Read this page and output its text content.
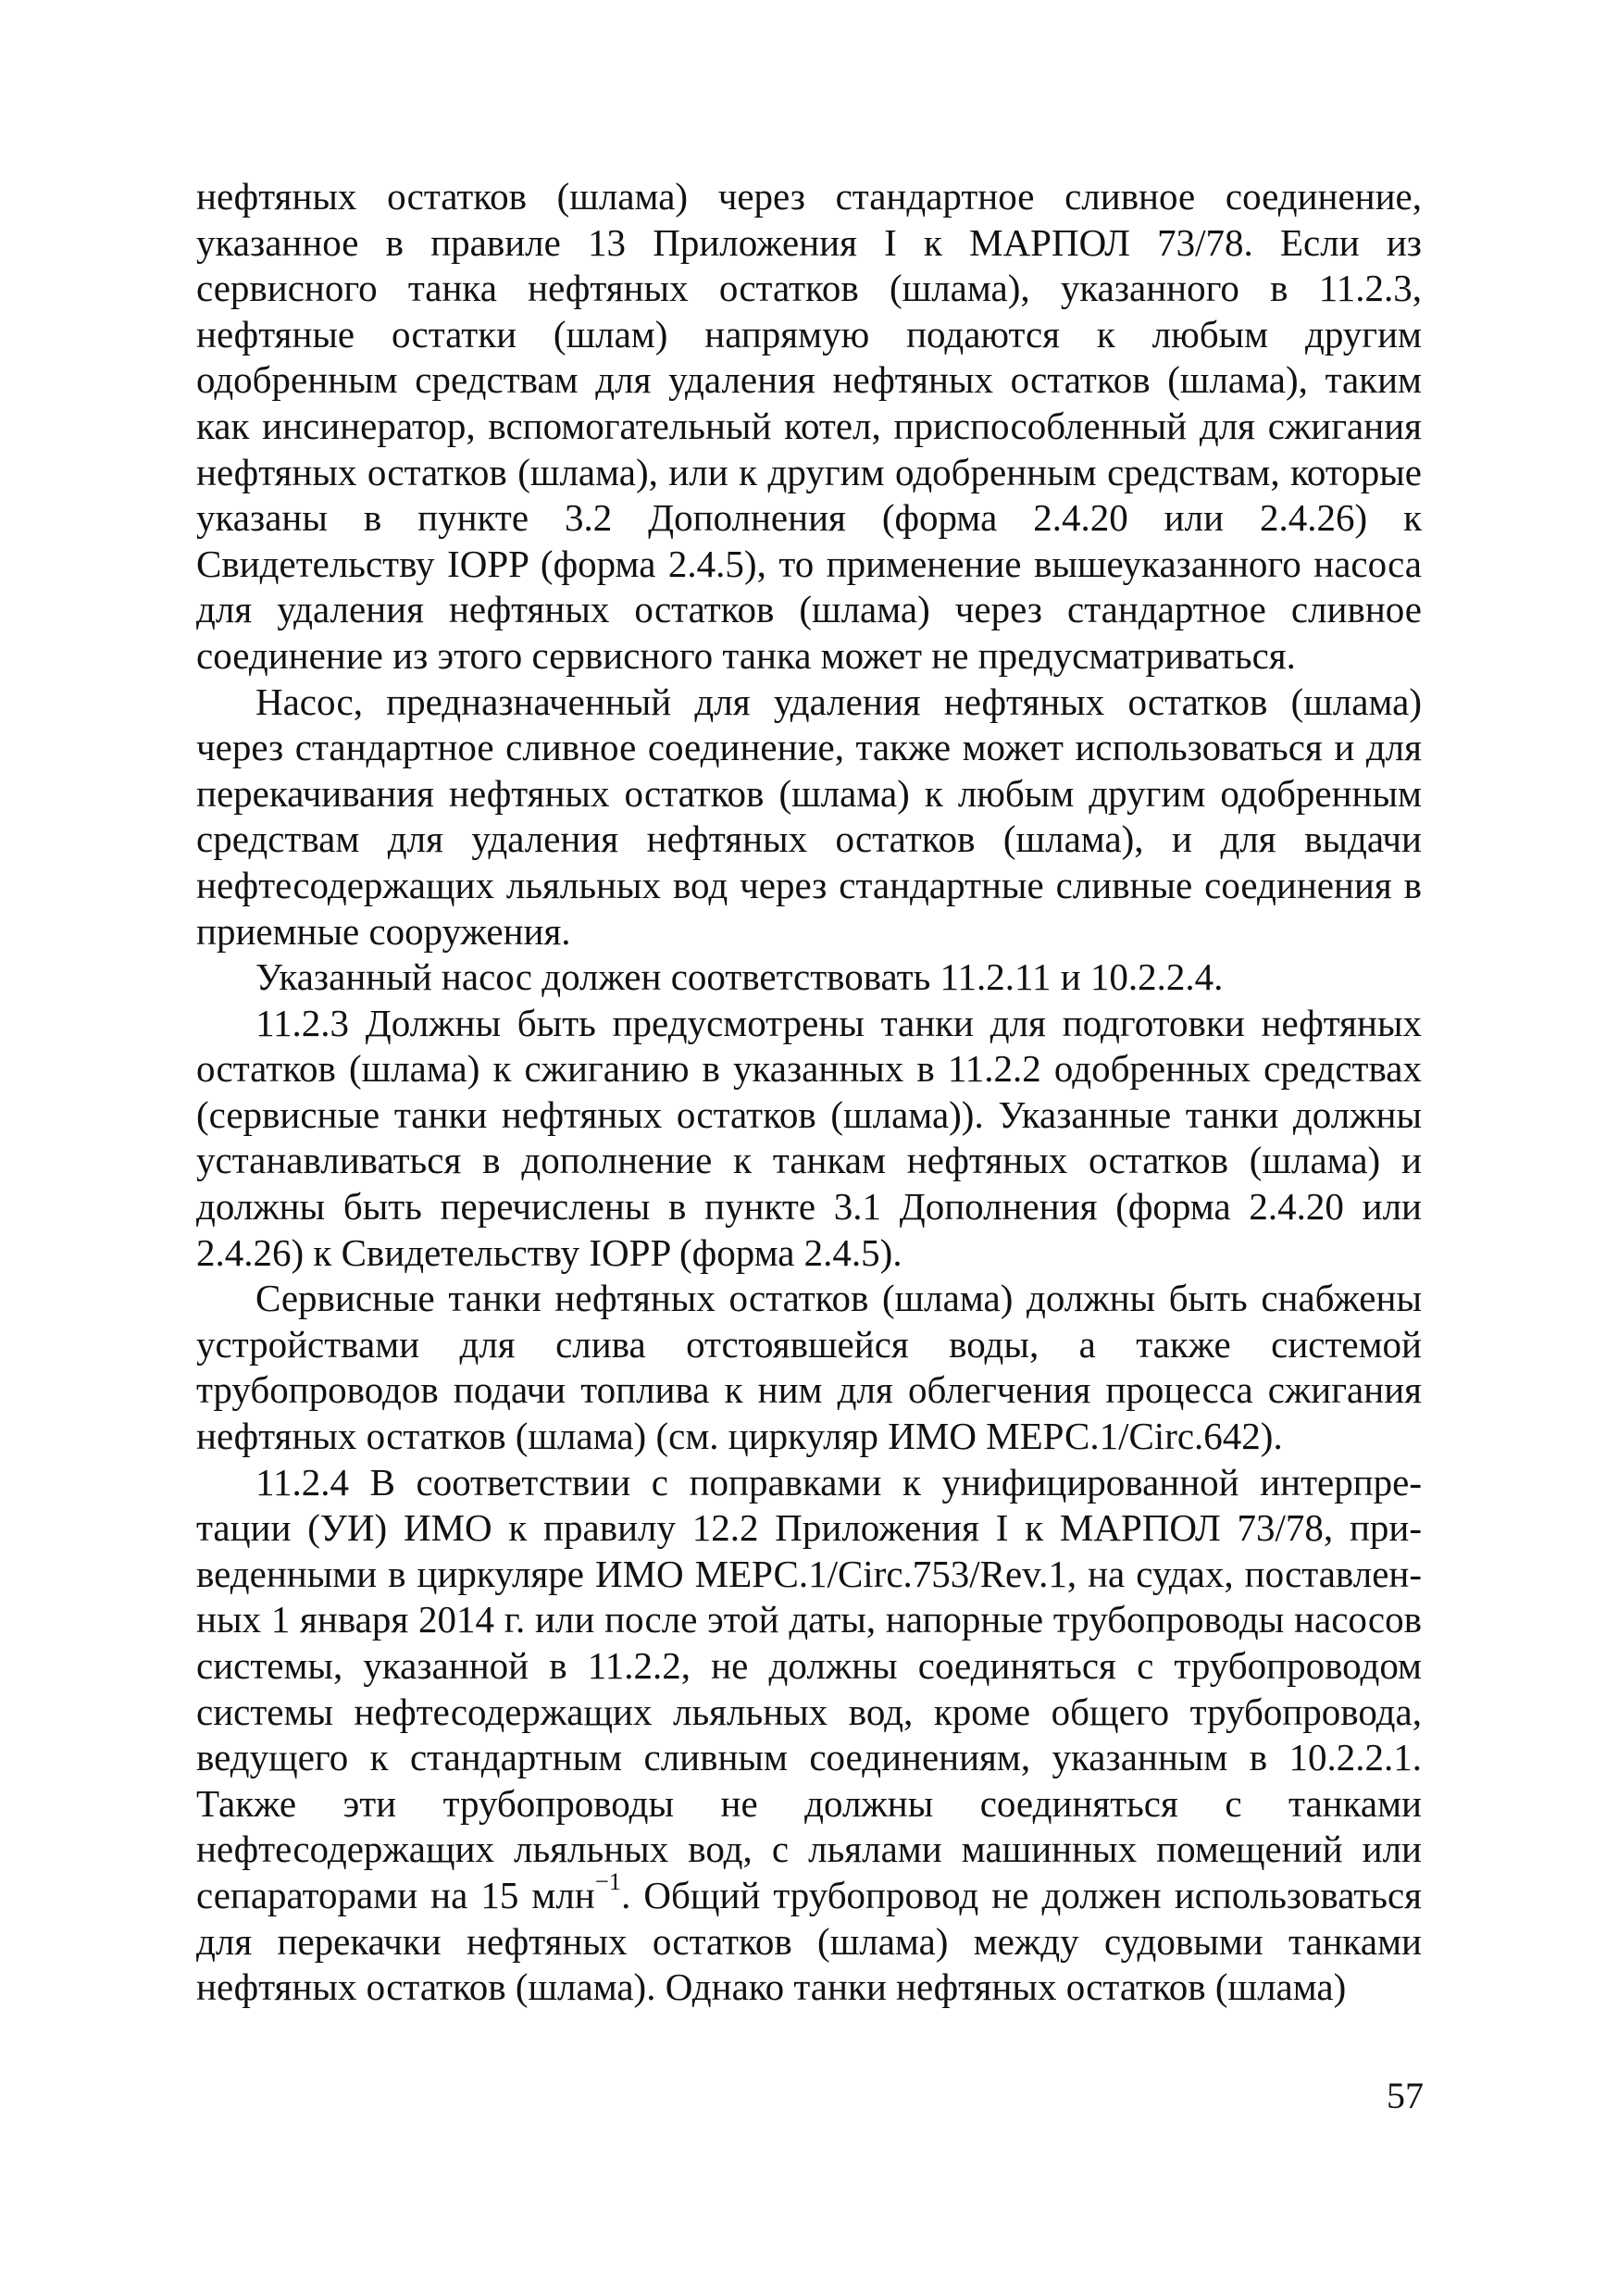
нефтяных остатков (шлама) через стандартное сливное соединение, указанное в правиле 13 Приложения I к МАРПОЛ 73/78. Если из сервисного танка нефтяных остатков (шлама), указанного в 11.2.3, нефтяные остатки (шлам) напрямую подаются к любым другим одобренным средствам для удаления нефтяных остатков (шлама), таким как инсинератор, вспомогательный котел, приспособленный для сжигания нефтяных остатков (шлама), или к другим одобренным средствам, которые указаны в пункте 3.2 Дополнения (форма 2.4.20 или 2.4.26) к Свидетельству IOPP (форма 2.4.5), то применение вышеуказанного насоса для удаления нефтяных остатков (шлама) через стандартное сливное соединение из этого сервисного танка может не предусматриваться.

Насос, предназначенный для удаления нефтяных остатков (шлама) через стандартное сливное соединение, также может использоваться и для перекачивания нефтяных остатков (шлама) к любым другим одобренным средствам для удаления нефтяных остатков (шлама), и для выдачи нефтесодержащих льяльных вод через стандартные сливные соединения в приемные сооружения.

Указанный насос должен соответствовать 11.2.11 и 10.2.2.4.

11.2.3 Должны быть предусмотрены танки для подготовки нефтяных остатков (шлама) к сжиганию в указанных в 11.2.2 одобренных средствах (сервисные танки нефтяных остатков (шлама)). Указанные танки должны устанавливаться в дополнение к танкам нефтяных остатков (шлама) и должны быть перечислены в пункте 3.1 Дополнения (форма 2.4.20 или 2.4.26) к Свидетельству IOPP (форма 2.4.5).

Сервисные танки нефтяных остатков (шлама) должны быть снабжены устройствами для слива отстоявшейся воды, а также системой трубопроводов подачи топлива к ним для облегчения процесса сжигания нефтяных остатков (шлама) (см. циркуляр ИМО МЕРС.1/Circ.642).

11.2.4 В соответствии с поправками к унифицированной интерпретации (УИ) ИМО к правилу 12.2 Приложения I к МАРПОЛ 73/78, приведенными в циркуляре ИМО МЕРС.1/Circ.753/Rev.1, на судах, поставленных 1 января 2014 г. или после этой даты, напорные трубопроводы насосов системы, указанной в 11.2.2, не должны соединяться с трубопроводом системы нефтесодержащих льяльных вод, кроме общего трубопровода, ведущего к стандартным сливным соединениям, указанным в 10.2.2.1. Также эти трубопроводы не должны соединяться с танками нефтесодержащих льяльных вод, с льялами машинных помещений или сепараторами на 15 млн$^{-1}$. Общий трубопровод не должен использоваться для перекачки нефтяных остатков (шлама) между судовыми танками нефтяных остатков (шлама). Однако танки нефтяных остатков (шлама)

57
